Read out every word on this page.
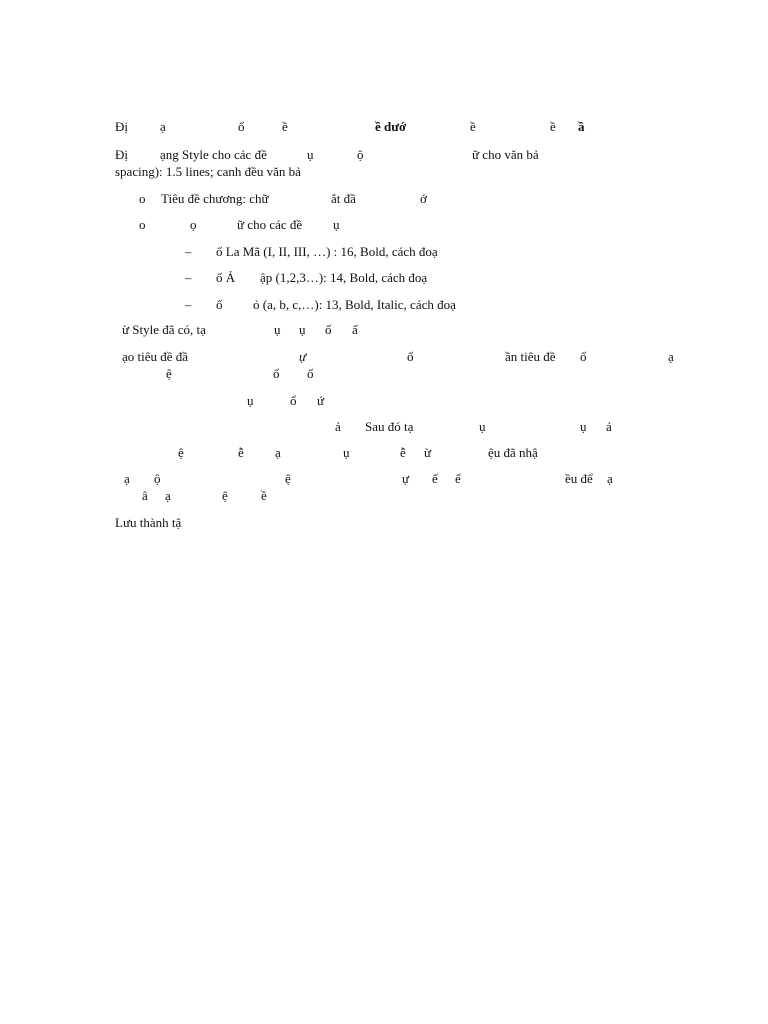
Đị ạ	ổ	ề	ề dướ	ề	ề ầ
Đị ạng Style cho các đề	ụ	ộ	ữ cho văn bả
spacing): 1.5 lines; canh đều văn bả
o Tiêu đề chương: chữ	ắt đầ	ớ
o	ọ	ữ cho các đề ụ
– ố La Mã (I, II, III, …) : 16, Bold, cách đoạ
– ố Ả ập (1,2,3…): 14, Bold, cách đoạ
– ố ỏ (a, b, c,…): 13, Bold, Italic, cách đoạ
ừ Style đã có, tạ	ụ ụ ổ ấ
ạo tiêu đề đầ	ự	ố	ần tiêu đề ố	ạ
ệ	ổ ố
ụ	ổ ứ
ả Sau đó tạ	ụ	ụ ả
ệ	ễ ạ	ụ	ễ ừ	ệu đã nhậ
ạ ộ	ệ	ự ế ế	ều để ạ
â ạ	ệ	ề
Lưu thành tậ
